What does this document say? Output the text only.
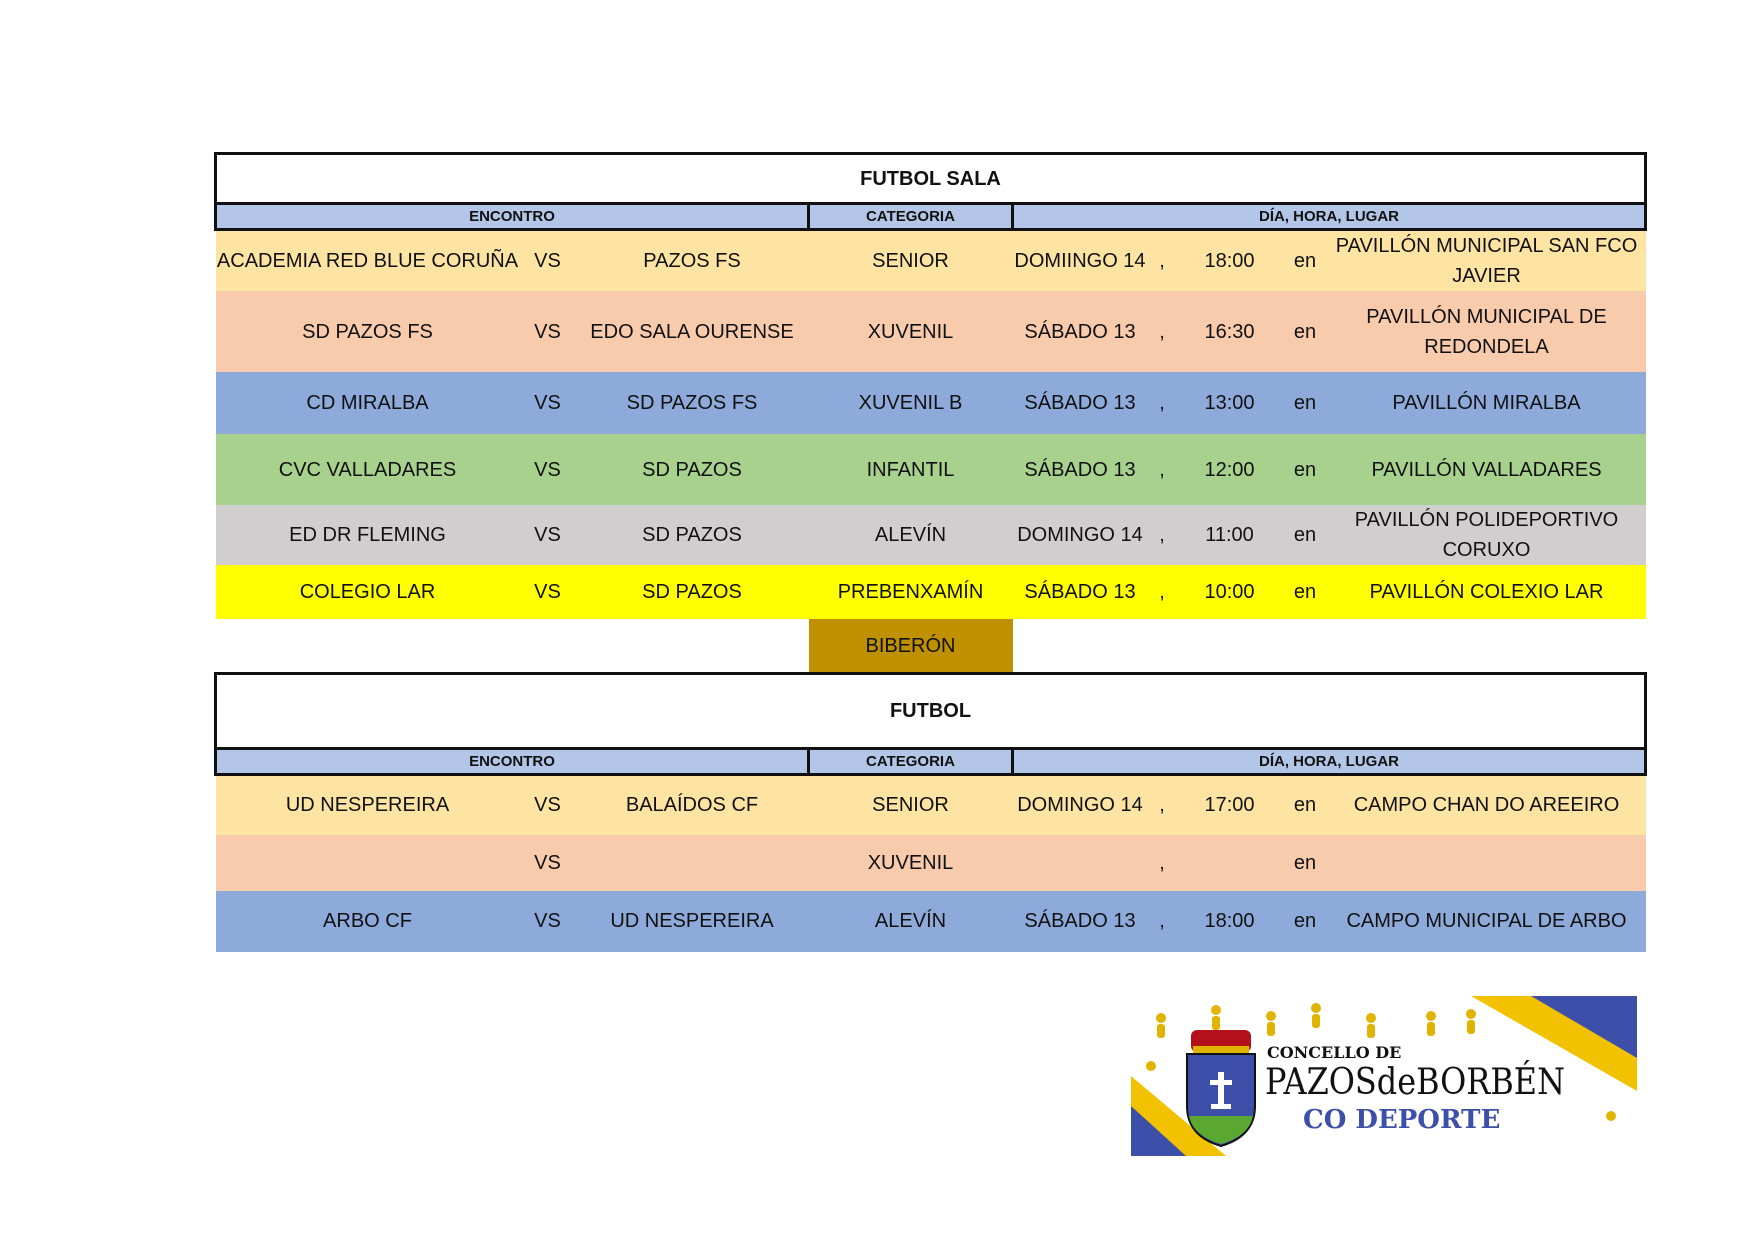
FUTBOL SALA								
ENCONTRO			CATEGORIA	DÍA, HORA, LUGAR				
ACADEMIA RED BLUE CORUÑA	VS	PAZOS FS	SENIOR	DOMIINGO 14	,	18:00	en	PAVILLÓN MUNICIPAL SAN FCO JAVIER
SD PAZOS FS	VS	EDO SALA OURENSE	XUVENIL	SÁBADO 13	,	16:30	en	PAVILLÓN MUNICIPAL DE REDONDELA
CD MIRALBA	VS	SD PAZOS FS	XUVENIL B	SÁBADO 13	,	13:00	en	PAVILLÓN MIRALBA
CVC VALLADARES	VS	SD PAZOS	INFANTIL	SÁBADO 13	,	12:00	en	PAVILLÓN VALLADARES
ED DR FLEMING	VS	SD PAZOS	ALEVÍN	DOMINGO 14	,	11:00	en	PAVILLÓN POLIDEPORTIVO CORUXO
COLEGIO LAR	VS	SD PAZOS	PREBENXAMÍN	SÁBADO 13	,	10:00	en	PAVILLÓN COLEXIO LAR
			BIBERÓN					
FUTBOL								
ENCONTRO			CATEGORIA	DÍA, HORA, LUGAR				
UD NESPEREIRA	VS	BALAÍDOS CF	SENIOR	DOMINGO 14	,	17:00	en	CAMPO CHAN DO AREEIRO
	VS		XUVENIL		,		en	
ARBO CF	VS	UD NESPEREIRA	ALEVÍN	SÁBADO 13	,	18:00	en	CAMPO MUNICIPAL DE ARBO
CONCELLO DE
PAZOSdeBORBÉN
CO DEPORTE
